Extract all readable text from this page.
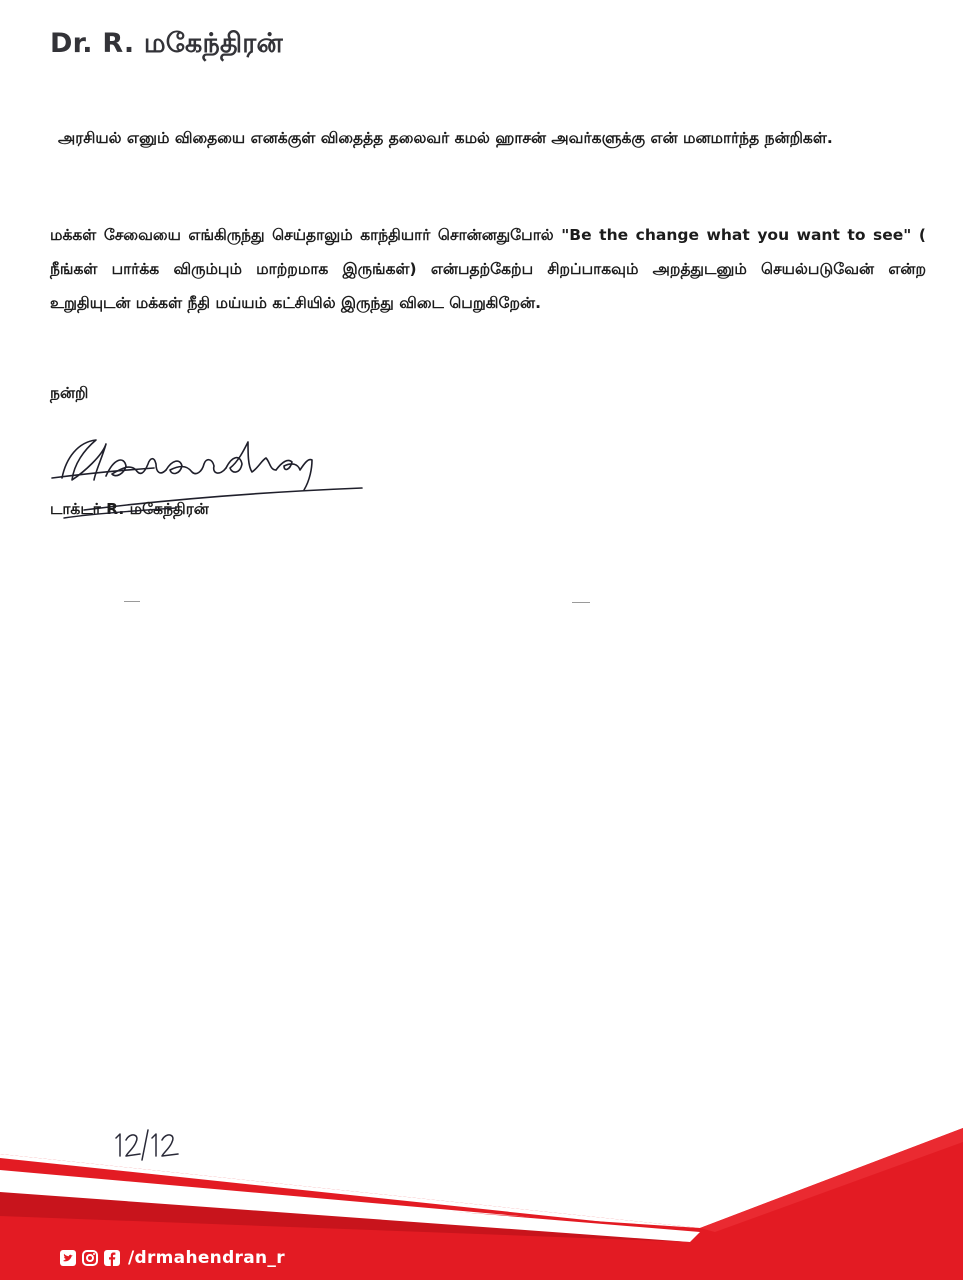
Dr. R. மகேந்திரன்
அரசியல் எனும் விதையை எனக்குள் விதைத்த தலைவர் கமல் ஹாசன் அவர்களுக்கு என் மனமார்ந்த நன்றிகள்.
மக்கள் சேவையை எங்கிருந்து செய்தாலும் காந்தியார் சொன்னதுபோல் "Be the change what you want to see" ( நீங்கள் பார்க்க விரும்பும் மாற்றமாக இருங்கள்) என்பதற்கேற்ப சிறப்பாகவும் அறத்துடனும் செயல்படுவேன் என்ற உறுதியுடன் மக்கள் நீதி மய்யம் கட்சியில் இருந்து விடை பெறுகிறேன்.
நன்றி
டாக்டர் R. மகேந்திரன்
/drmahendran_r
